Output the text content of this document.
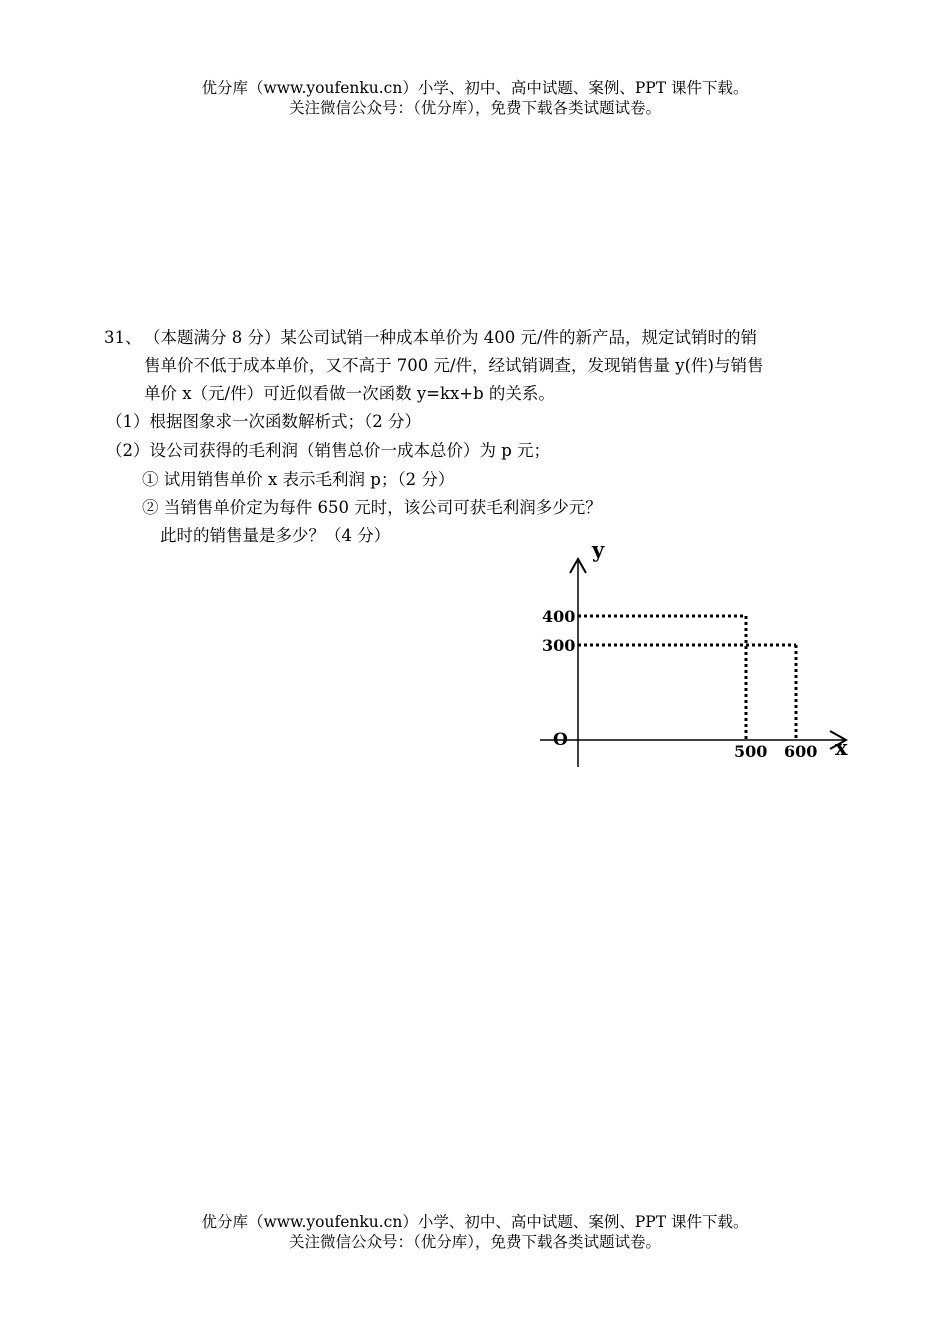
优分库（www.youfenku.cn）小学、初中、高中试题、案例、PPT 课件下载。
关注微信公众号：（优分库），免费下载各类试题试卷。
31、 （本题满分 8 分）某公司试销一种成本单价为 400 元/件的新产品，规定试销时的销
售单价不低于成本单价，又不高于 700 元/件，经试销调查，发现销售量 y(件)与销售
单价 x（元/件）可近似看做一次函数 y=kx+b 的关系。
（1）根据图象求一次函数解析式；（2 分）
（2）设公司获得的毛利润（销售总价一成本总价）为 p 元；
① 试用销售单价 x 表示毛利润 p；（2 分）
② 当销售单价定为每件 650 元时，该公司可获毛利润多少元？
此时的销售量是多少？（4 分）
y
x
O
400
300
500 600
优分库（www.youfenku.cn）小学、初中、高中试题、案例、PPT 课件下载。
关注微信公众号：（优分库），免费下载各类试题试卷。
